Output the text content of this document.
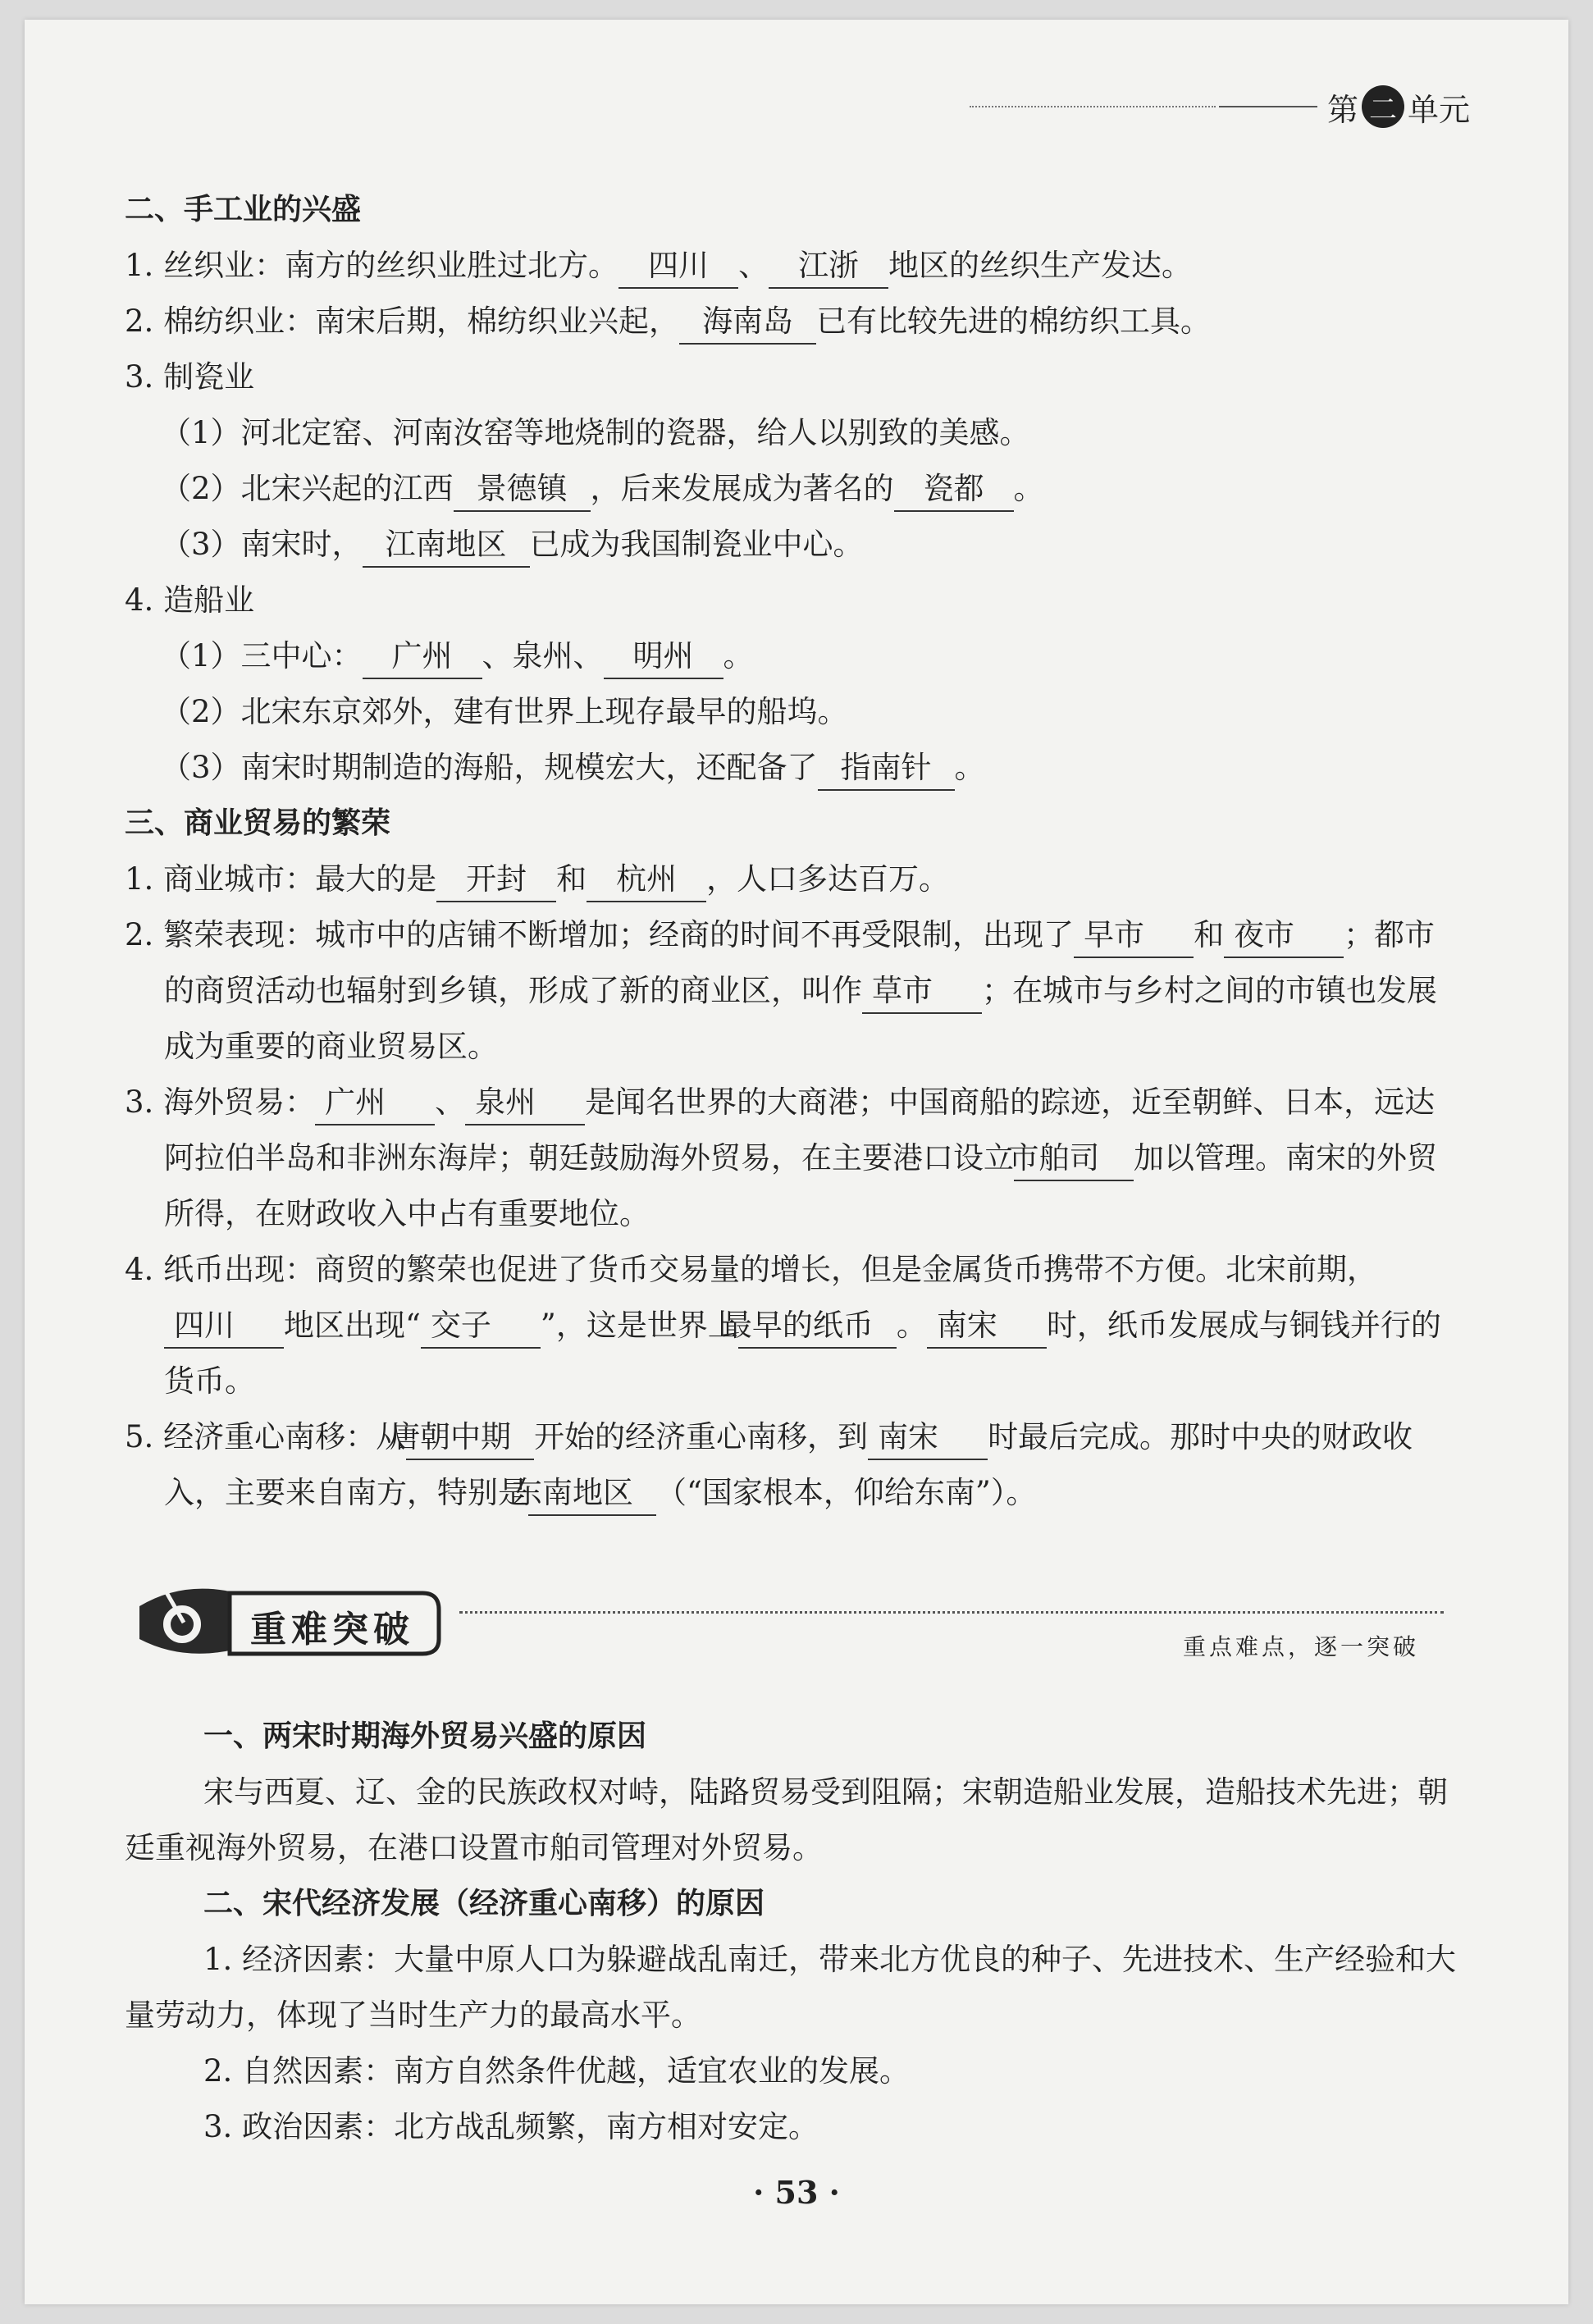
第 二 单元

二、手工业的兴盛

1. 丝织业：南方的丝织业胜过北方。 四川 、 江浙 地区的丝织生产发达。

2. 棉纺织业：南宋后期，棉纺织业兴起， 海南岛 已有比较先进的棉纺织工具。

3. 制瓷业

（1）河北定窑、河南汝窑等地烧制的瓷器，给人以别致的美感。

（2）北宋兴起的江西 景德镇 ，后来发展成为著名的 瓷都 。

（3）南宋时， 江南地区 已成为我国制瓷业中心。

4. 造船业

（1）三中心： 广州 、泉州、 明州 。

（2）北宋东京郊外，建有世界上现存最早的船坞。

（3）南宋时期制造的海船，规模宏大，还配备了 指南针 。

三、商业贸易的繁荣

1. 商业城市：最大的是 开封 和 杭州 ，人口多达百万。

2. 繁荣表现：城市中的店铺不断增加；经商的时间不再受限制，出现了 早市 和 夜市 ；都市的商贸活动也辐射到乡镇，形成了新的商业区，叫作 草市 ；在城市与乡村之间的市镇也发展成为重要的商业贸易区。

3. 海外贸易： 广州 、 泉州 是闻名世界的大商港；中国商船的踪迹，近至朝鲜、日本，远达阿拉伯半岛和非洲东海岸；朝廷鼓励海外贸易，在主要港口设立市舶司 加以管理。南宋的外贸所得，在财政收入中占有重要地位。

4. 纸币出现：商贸的繁荣也促进了货币交易量的增长，但是金属货币携带不方便。北宋前期，四川 地区出现“ 交子 ”，这是世界上最早的纸币 。 南宋 时，纸币发展成与铜钱并行的货币。

5. 经济重心南移：从唐朝中期 开始的经济重心南移，到 南宋 时最后完成。那时中央的财政收入，主要来自南方，特别是东南地区 （“国家根本，仰给东南”）。

重难突破	重点难点，逐一突破

一、两宋时期海外贸易兴盛的原因

宋与西夏、辽、金的民族政权对峙，陆路贸易受到阻隔；宋朝造船业发展，造船技术先进；朝廷重视海外贸易，在港口设置市舶司管理对外贸易。

二、宋代经济发展（经济重心南移）的原因

1. 经济因素：大量中原人口为躲避战乱南迁，带来北方优良的种子、先进技术、生产经验和大量劳动力，体现了当时生产力的最高水平。

2. 自然因素：南方自然条件优越，适宜农业的发展。

3. 政治因素：北方战乱频繁，南方相对安定。

· 53 ·
